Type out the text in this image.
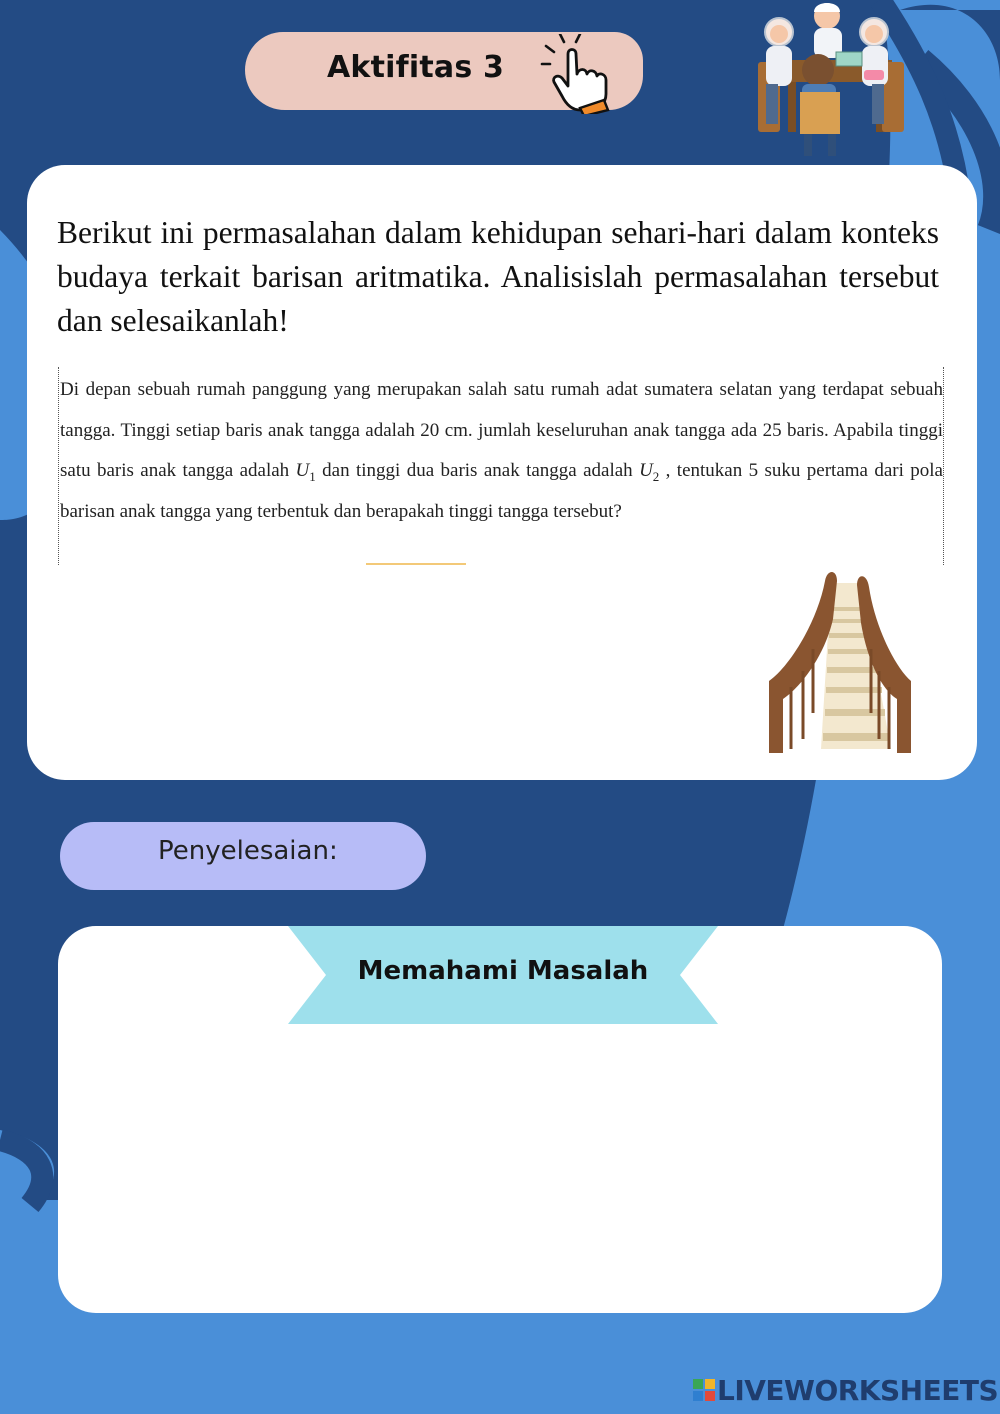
Aktifitas 3

Berikut ini permasalahan dalam kehidupan sehari-hari dalam konteks budaya terkait barisan aritmatika. Analisislah permasalahan tersebut dan selesaikanlah!

Di depan sebuah rumah panggung yang merupakan salah satu rumah adat sumatera selatan yang terdapat sebuah tangga. Tinggi setiap baris anak tangga adalah 20 cm. jumlah keseluruhan anak tangga ada 25 baris. Apabila tinggi satu baris anak tangga adalah $U_1$ dan tinggi dua baris anak tangga adalah $U_2$ , tentukan 5 suku pertama dari pola barisan anak tangga yang terbentuk dan berapakah tinggi tangga tersebut?

Penyelesaian:
Memahami Masalah
LIVEWORKSHEETS
